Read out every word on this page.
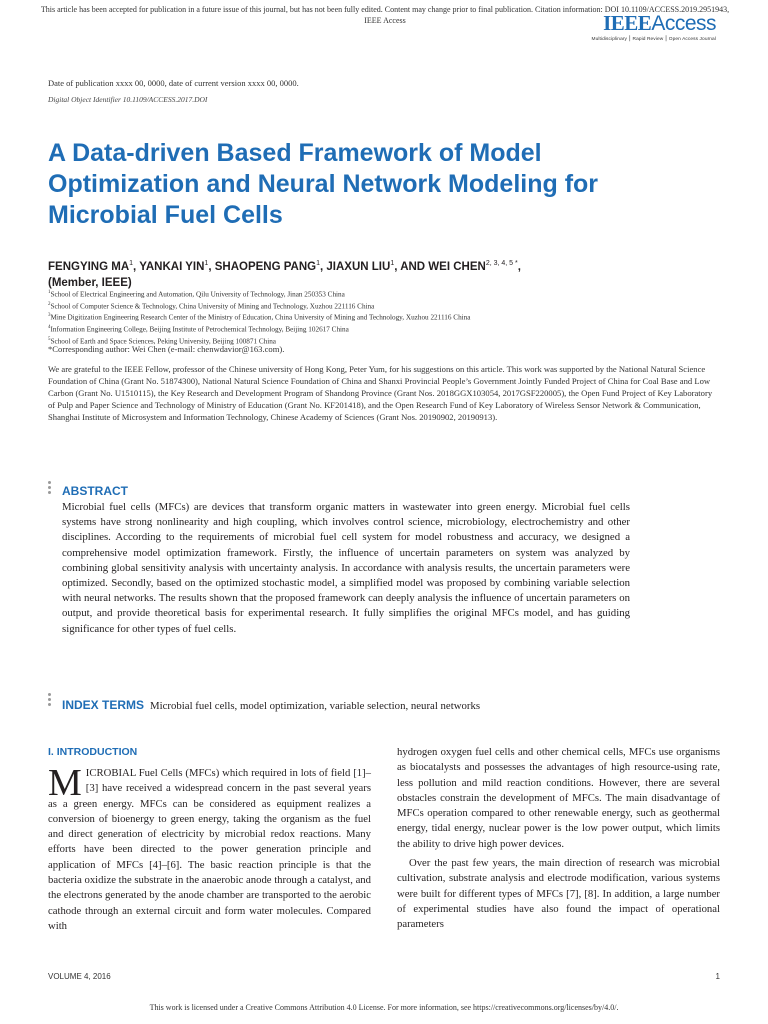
This article has been accepted for publication in a future issue of this journal, but has not been fully edited. Content may change prior to final publication. Citation information: DOI 10.1109/ACCESS.2019.2951943, IEEE Access	IEEEAccess
Multidisciplinary ⎮ Rapid Review ⎮ Open Access Journal
Date of publication xxxx 00, 0000, date of current version xxxx 00, 0000.
Digital Object Identifier 10.1109/ACCESS.2017.DOI
A Data-driven Based Framework of Model Optimization and Neural Network Modeling for Microbial Fuel Cells
FENGYING $MA^1$, YANKAI YIN$^1$, SHAOPENG PANG$^1$, JIAXUN LIU$^1$, AND WEI $CHEN^{2, 3, 4, 5 *}$,
(Member, IEEE)
$^1$School of Electrical Engineering and Automation, Qilu University of Technology, Jinan 250353 China
$^2$School of Computer Science & Technology, China University of Mining and Technology, Xuzhou 221116 China
$^3$Mine Digitization Engineering Research Center of the Ministry of Education, China University of Mining and Technology, Xuzhou 221116 China
$^4$Information Engineering College, Beijing Institute of Petrochemical Technology, Beijing 102617 China
$^5$School of Earth and Space Sciences, Peking University, Beijing 100871 China
*Corresponding author: Wei Chen (e-mail: chenwdavior@163.com).

We are grateful to the IEEE Fellow, professor of the Chinese university of Hong Kong, Peter Yum, for his suggestions on this article. This work was supported by the National Natural Science Foundation of China (Grant No. 51874300), National Natural Science Foundation of China and Shanxi Provincial People’s Government Jointly Funded Project of China for Coal Base and Low Carbon (Grant No. U1510115), the Key Research and Development Program of Shandong Province (Grant Nos. 2018GGX103054, 2017GSF220005), the Open Fund Project of Key Laboratory of Pulp and Paper Science and Technology of Ministry of Education (Grant No. KF201418), and the Open Research Fund of Key Laboratory of Wireless Sensor Network & Communication, Shanghai Institute of Microsystem and Information Technology, Chinese Academy of Sciences (Grant Nos. 20190902, 20190913).

ABSTRACT

Microbial fuel cells (MFCs) are devices that transform organic matters in wastewater into green energy. Microbial fuel cells systems have strong nonlinearity and high coupling, which involves control science, microbiology, electrochemistry and other disciplines. According to the requirements of microbial fuel cell system for model robustness and accuracy, we designed a comprehensive model optimization framework. Firstly, the influence of uncertain parameters on system was analyzed by combining global sensitivity analysis with uncertainty analysis. In accordance with analysis results, the uncertain parameters were optimized. Secondly, based on the optimized stochastic model, a simplified model was proposed by combining variable selection with neural networks. The results shown that the proposed framework can deeply analysis the influence of uncertain parameters on output, and provide theoretical basis for experimental research. It fully simplifies the original MFCs model, and has guiding significance for other types of fuel cells.

INDEX TERMS Microbial fuel cells, model optimization, variable selection, neural networks
I. INTRODUCTION

MICROBIAL Fuel Cells (MFCs) which required in lots of field [1]–[3] have received a widespread concern in the past several years as a green energy. MFCs can be considered as equipment realizes a conversion of bioenergy to green energy, taking the organism as the fuel and direct generation of electricity by microbial redox reactions. Many efforts have been directed to the power generation principle and application of MFCs [4]–[6]. The basic reaction principle is that the bacteria oxidize the substrate in the anaerobic anode through a catalyst, and the electrons generated by the anode chamber are transported to the aerobic cathode through an external circuit and form water molecules. Compared with

hydrogen oxygen fuel cells and other chemical cells, MFCs use organisms as biocatalysts and possesses the advantages of high resource-using rate, less pollution and mild reaction conditions. However, there are several obstacles constrain the development of MFCs. The main disadvantage of MFCs operation compared to other renewable energy, such as geothermal energy, tidal energy, nuclear power is the low power output, which limits the ability to drive high power devices.

Over the past few years, the main direction of research was microbial cultivation, substrate analysis and electrode modification, various systems were built for different types of MFCs [7], [8]. In addition, a large number of experimental studies have also found the impact of operational parameters

VOLUME 4, 2016	1
This work is licensed under a Creative Commons Attribution 4.0 License. For more information, see https://creativecommons.org/licenses/by/4.0/.
